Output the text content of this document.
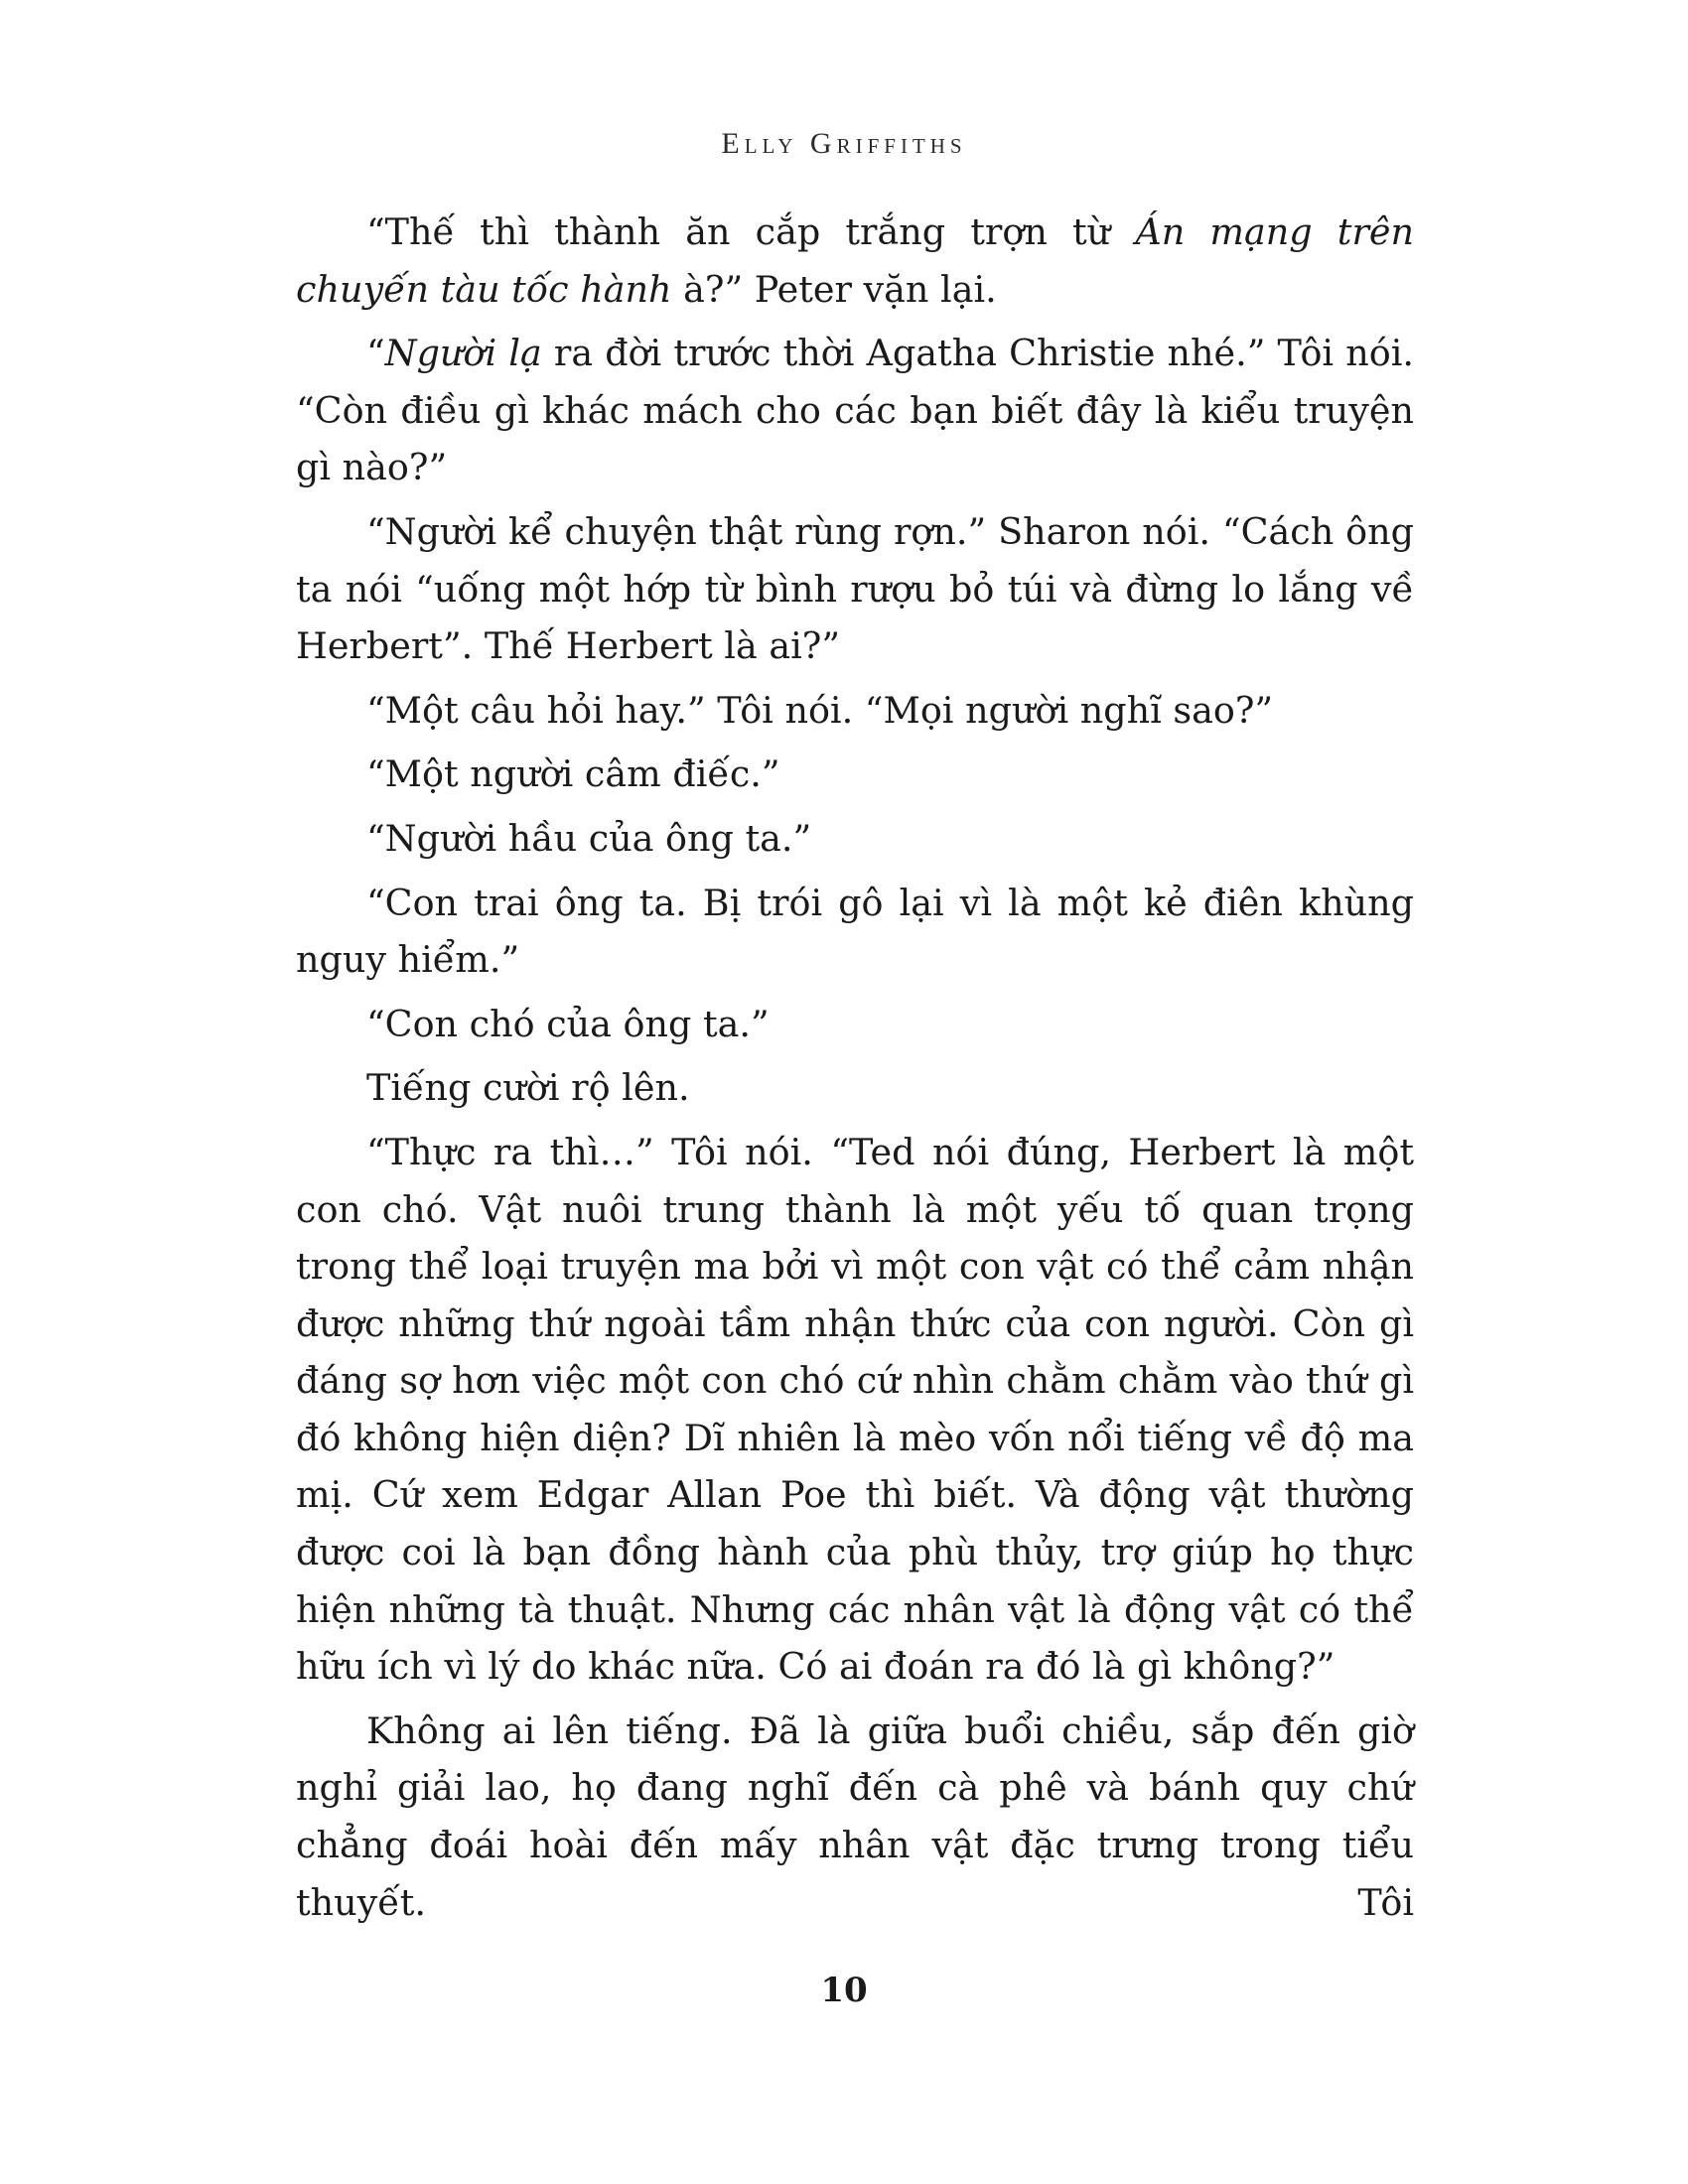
Elly Griffiths

“Thế thì thành ăn cắp trắng trợn từ Án mạng trên chuyến tàu tốc hành à?” Peter vặn lại.

“Người lạ ra đời trước thời Agatha Christie nhé.” Tôi nói. “Còn điều gì khác mách cho các bạn biết đây là kiểu truyện gì nào?”

“Người kể chuyện thật rùng rợn.” Sharon nói. “Cách ông ta nói “uống một hớp từ bình rượu bỏ túi và đừng lo lắng về Herbert”. Thế Herbert là ai?”

“Một câu hỏi hay.” Tôi nói. “Mọi người nghĩ sao?”

“Một người câm điếc.”

“Người hầu của ông ta.”

“Con trai ông ta. Bị trói gô lại vì là một kẻ điên khùng nguy hiểm.”

“Con chó của ông ta.”

Tiếng cười rộ lên.

“Thực ra thì…” Tôi nói. “Ted nói đúng, Herbert là một con chó. Vật nuôi trung thành là một yếu tố quan trọng trong thể loại truyện ma bởi vì một con vật có thể cảm nhận được những thứ ngoài tầm nhận thức của con người. Còn gì đáng sợ hơn việc một con chó cứ nhìn chằm chằm vào thứ gì đó không hiện diện? Dĩ nhiên là mèo vốn nổi tiếng về độ ma mị. Cứ xem Edgar Allan Poe thì biết. Và động vật thường được coi là bạn đồng hành của phù thủy, trợ giúp họ thực hiện những tà thuật. Nhưng các nhân vật là động vật có thể hữu ích vì lý do khác nữa. Có ai đoán ra đó là gì không?”

Không ai lên tiếng. Đã là giữa buổi chiều, sắp đến giờ nghỉ giải lao, họ đang nghĩ đến cà phê và bánh quy chứ chẳng đoái hoài đến mấy nhân vật đặc trưng trong tiểu thuyết. Tôi

10
